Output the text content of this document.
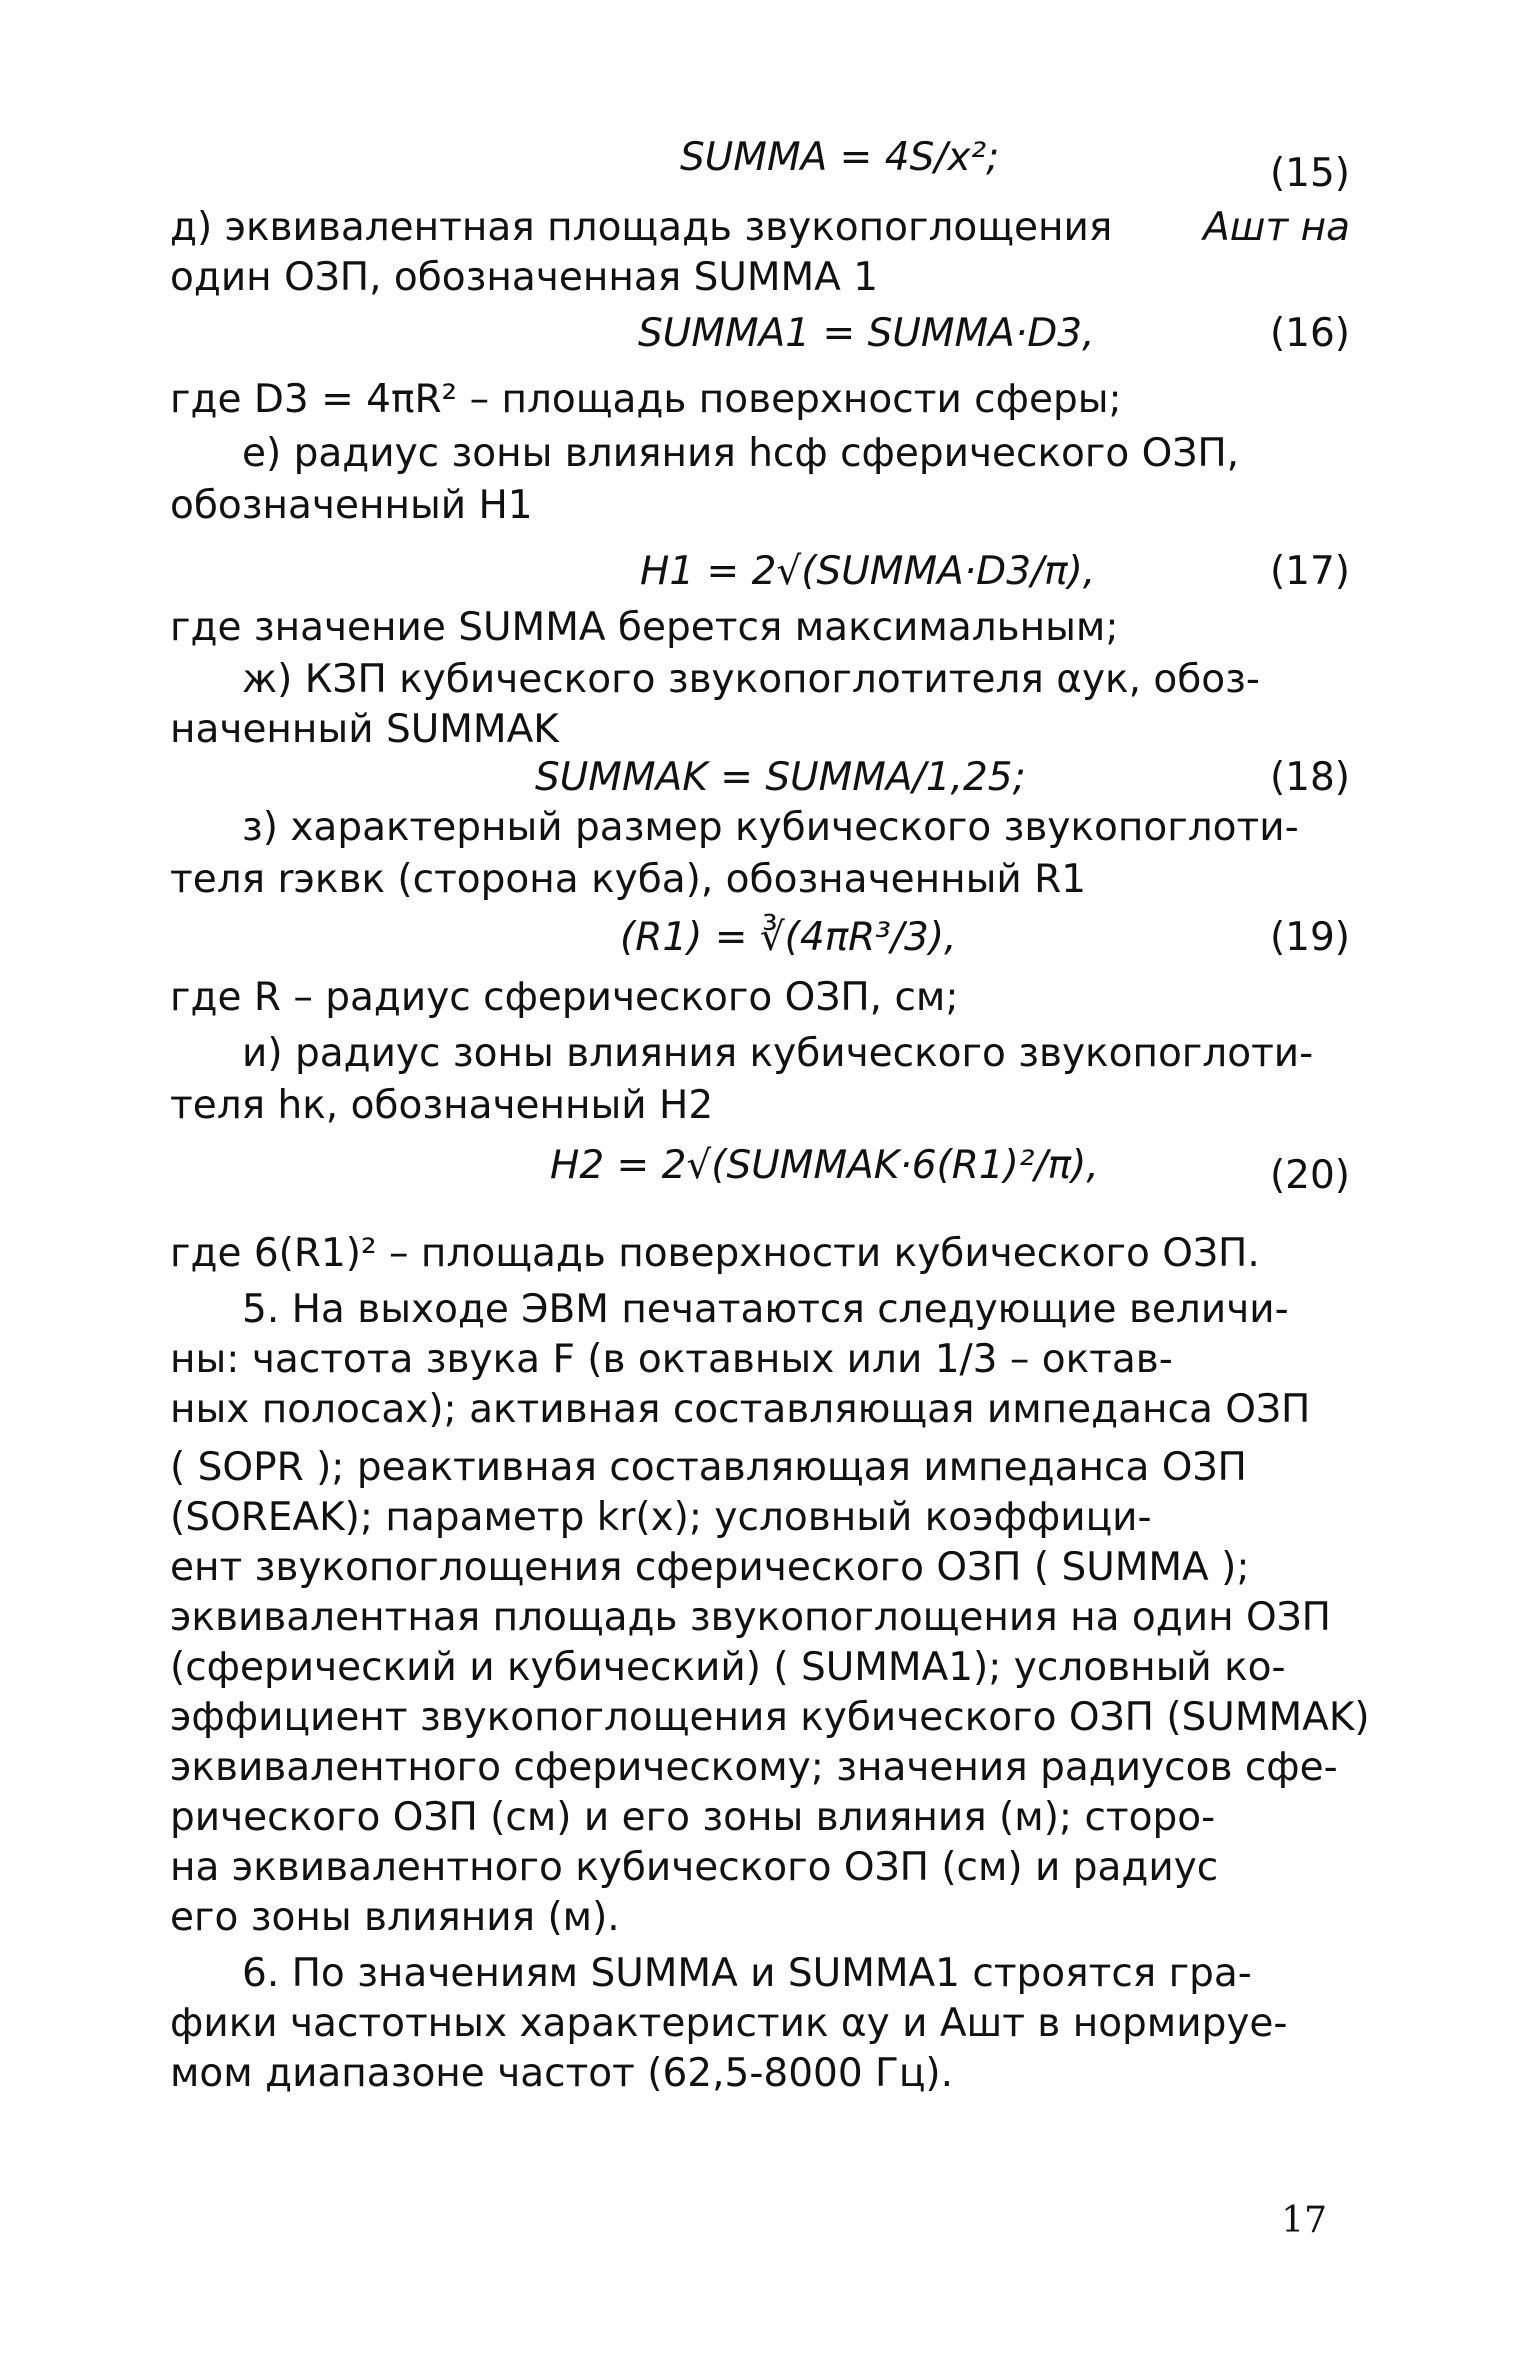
SUMMA = 4S/x²;	(15)
д) эквивалентная площадь звукопоглощения Aшт на
один ОЗП, обозначенная SUMMA 1
SUMMA1 = SUMMA·D3,	(16)
где D3 = 4πR² – площадь поверхности сферы;
е) радиус зоны влияния hсф сферического ОЗП,
обозначенный H1
H1 = 2√(SUMMA·D3/π),	(17)
где значение SUMMA берется максимальным;
ж) КЗП кубического звукопоглотителя αук, обоз-
наченный SUMMAK
SUMMAK = SUMMA/1,25;	(18)
з) характерный размер кубического звукопоглоти-
теля rэквк (сторона куба), обозначенный R1
(R1) = ∛(4πR³/3),	(19)
где R – радиус сферического ОЗП, см;
и) радиус зоны влияния кубического звукопоглоти-
теля hк, обозначенный H2
H2 = 2√(SUMMAK·6(R1)²/π),	(20)
где 6(R1)² – площадь поверхности кубического ОЗП.
5. На выходе ЭВМ печатаются следующие величи-
ны: частота звука F (в октавных или 1/3 – октав-
ных полосах); активная составляющая импеданса ОЗП
( SOPR ); реактивная составляющая импеданса ОЗП
(SOREAK); параметр kr(x); условный коэффици-
ент звукопоглощения сферического ОЗП ( SUMMA );
эквивалентная площадь звукопоглощения на один ОЗП
(сферический и кубический) ( SUMMA1); условный ко-
эффициент звукопоглощения кубического ОЗП (SUMMAK)
эквивалентного сферическому; значения радиусов сфе-
рического ОЗП (см) и его зоны влияния (м); сторо-
на эквивалентного кубического ОЗП (см) и радиус
его зоны влияния (м).
6. По значениям SUMMA и SUMMA1 строятся гра-
фики частотных характеристик αу и Aшт в нормируе-
мом диапазоне частот (62,5-8000 Гц).
17
